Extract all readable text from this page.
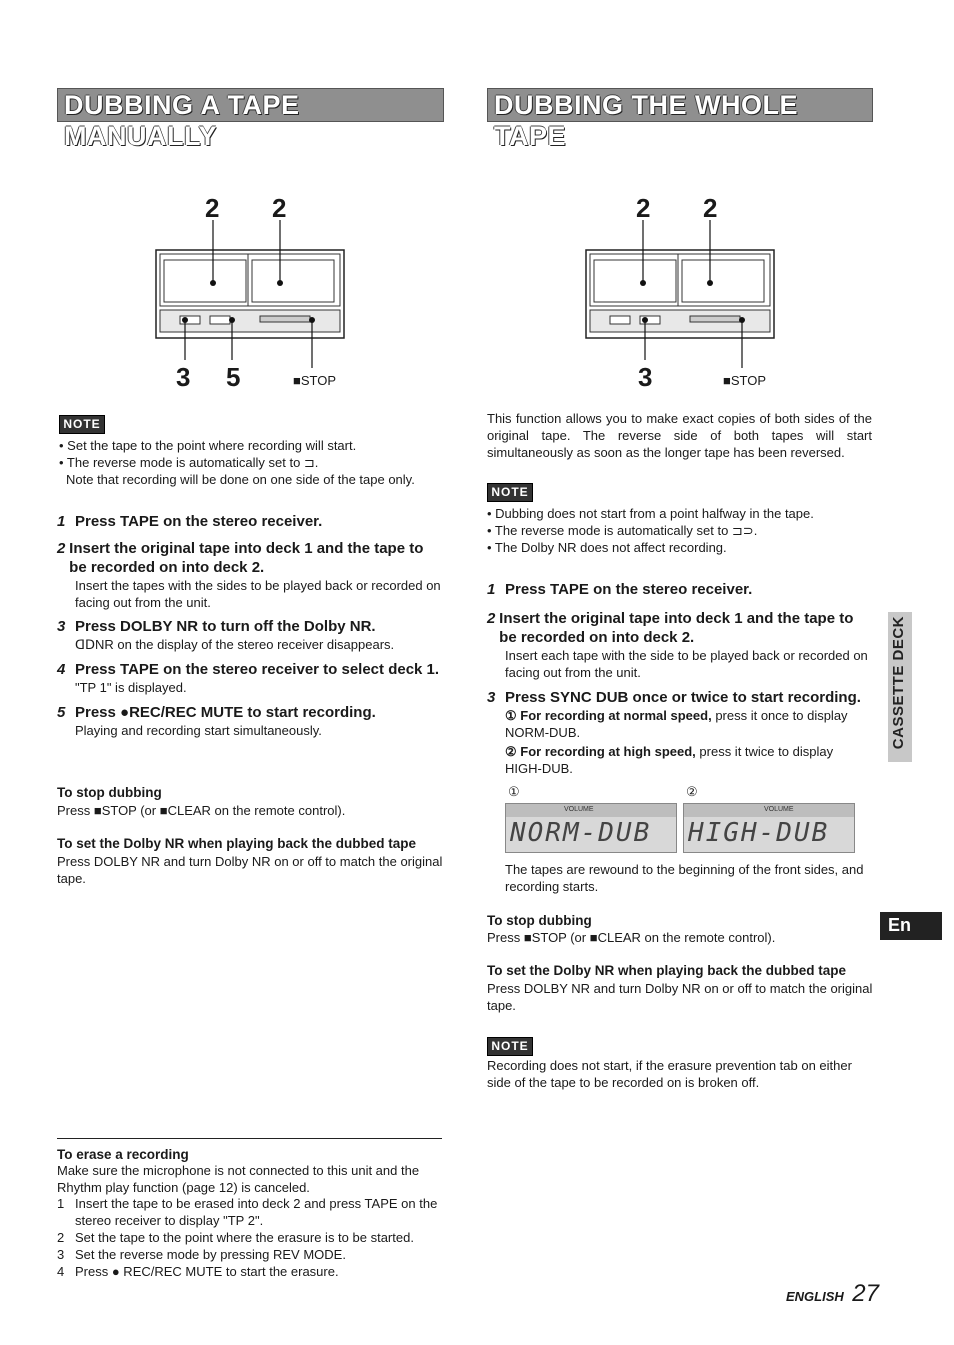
DUBBING A TAPE MANUALLY
DUBBING THE WHOLE TAPE
2 2
3 5	■STOP
2 2
3	■STOP
NOTE
• Set the tape to the point where recording will start.
• The reverse mode is automatically set to ⊐.
Note that recording will be done on one side of the tape only.
1 Press TAPE on the stereo receiver.
2 Insert the original tape into deck 1 and the tape to be recorded on into deck 2.
Insert the tapes with the sides to be played back or recorded on facing out from the unit.
3 Press DOLBY NR to turn off the Dolby NR.
ᗡᗞNR on the display of the stereo receiver disappears.
4 Press TAPE on the stereo receiver to select deck 1.
"TP 1" is displayed.
5 Press ●REC/REC MUTE to start recording.
Playing and recording start simultaneously.
To stop dubbing
Press ■STOP (or ■CLEAR on the remote control).
To set the Dolby NR when playing back the dubbed tape
Press DOLBY NR and turn Dolby NR on or off to match the original tape.
To erase a recording
Make sure the microphone is not connected to this unit and the Rhythm play function (page 12) is canceled.
1 Insert the tape to be erased into deck 2 and press TAPE on the stereo receiver to display "TP 2".
2 Set the tape to the point where the erasure is to be started.
3 Set the reverse mode by pressing REV MODE.
4 Press ● REC/REC MUTE to start the erasure.
This function allows you to make exact copies of both sides of the original tape. The reverse side of both tapes will start simultaneously as soon as the longer tape has been reversed.
NOTE
• Dubbing does not start from a point halfway in the tape.
• The reverse mode is automatically set to ⊐⊃.
• The Dolby NR does not affect recording.
1 Press TAPE on the stereo receiver.
2 Insert the original tape into deck 1 and the tape to be recorded on into deck 2.
Insert each tape with the side to be played back or recorded on facing out from the unit.
3 Press SYNC DUB once or twice to start recording.
① For recording at normal speed, press it once to display NORM-DUB.
② For recording at high speed, press it twice to display HIGH-DUB.
①	②
VOLUME
NORM-DUB
VOLUME
HIGH-DUB
The tapes are rewound to the beginning of the front sides, and recording starts.
To stop dubbing
Press ■STOP (or ■CLEAR on the remote control).
To set the Dolby NR when playing back the dubbed tape
Press DOLBY NR and turn Dolby NR on or off to match the original tape.
NOTE
Recording does not start, if the erasure prevention tab on either side of the tape to be recorded on is broken off.
CASSETTE DECK
En
ENGLISH 27
